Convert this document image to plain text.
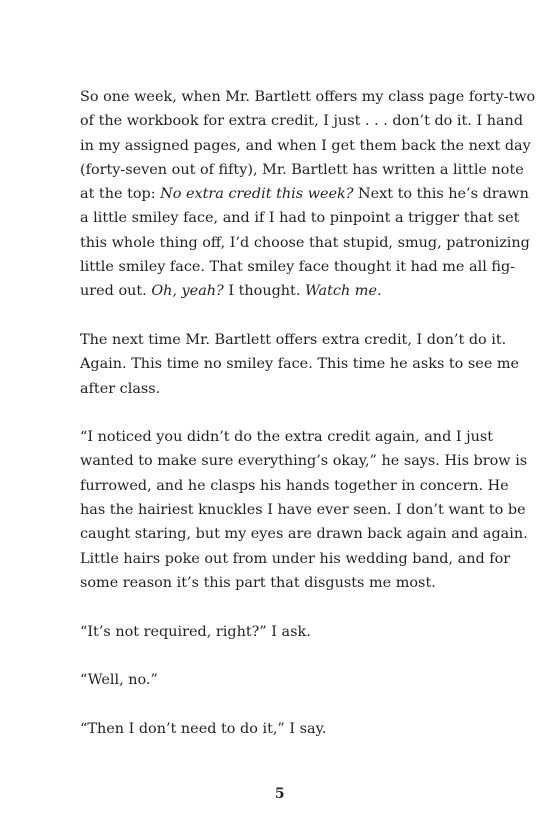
So one week, when Mr. Bartlett offers my class page forty-two
of the workbook for extra credit, I just . . . don’t do it. I hand
in my assigned pages, and when I get them back the next day
(forty-seven out of fifty), Mr. Bartlett has written a little note
at the top: No extra credit this week? Next to this he’s drawn
a little smiley face, and if I had to pinpoint a trigger that set
this whole thing off, I’d choose that stupid, smug, patronizing
little smiley face. That smiley face thought it had me all fig-
ured out. Oh, yeah? I thought. Watch me.
The next time Mr. Bartlett offers extra credit, I don’t do it.
Again. This time no smiley face. This time he asks to see me
after class.
“I noticed you didn’t do the extra credit again, and I just
wanted to make sure everything’s okay,” he says. His brow is
furrowed, and he clasps his hands together in concern. He
has the hairiest knuckles I have ever seen. I don’t want to be
caught staring, but my eyes are drawn back again and again.
Little hairs poke out from under his wedding band, and for
some reason it’s this part that disgusts me most.
“It’s not required, right?” I ask.
“Well, no.”
“Then I don’t need to do it,” I say.
5
